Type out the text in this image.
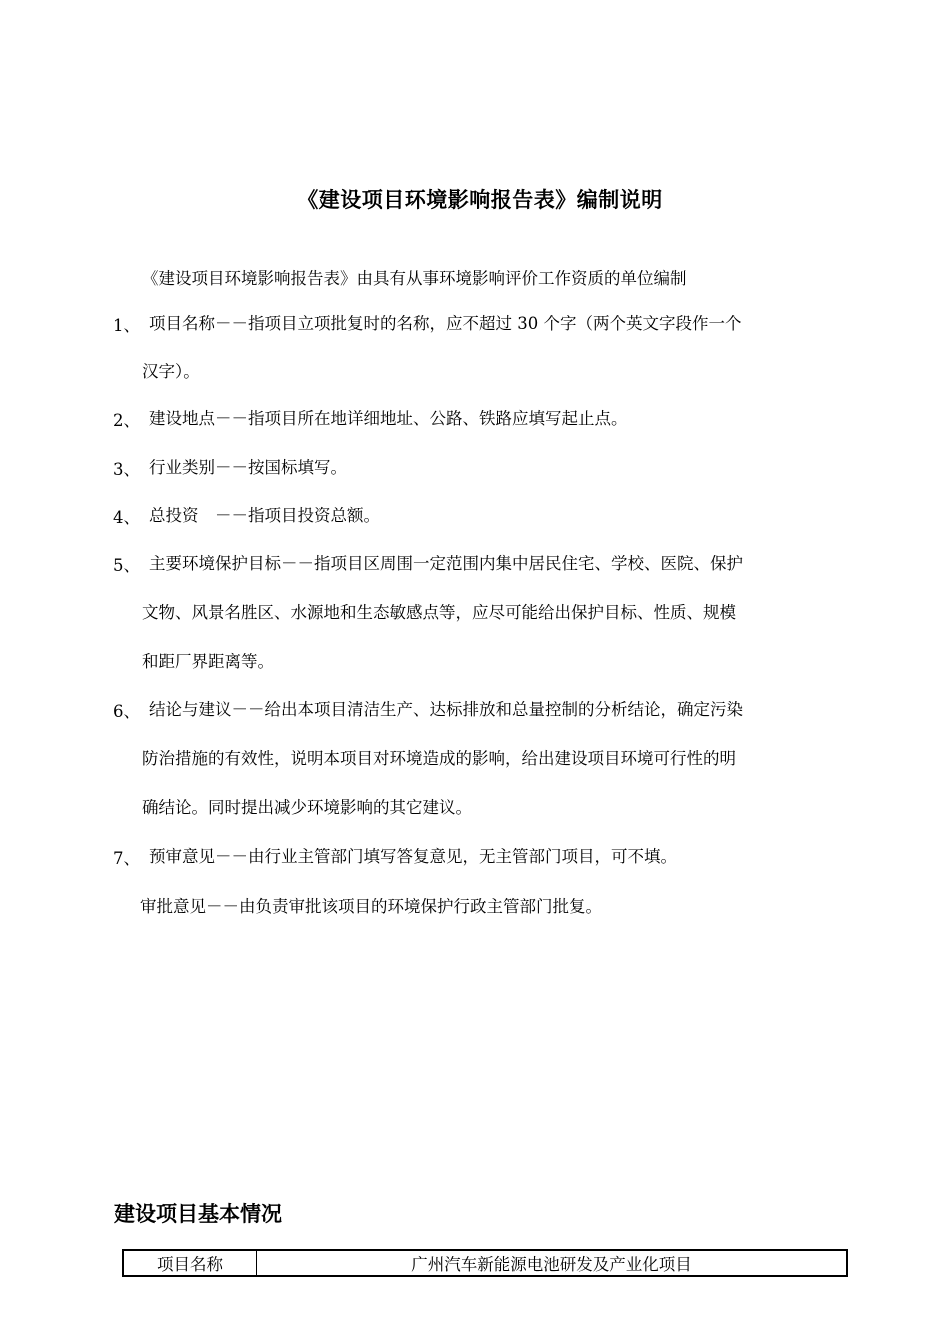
《建设项目环境影响报告表》编制说明
《建设项目环境影响报告表》由具有从事环境影响评价工作资质的单位编制
1、 项目名称－－指项目立项批复时的名称，应不超过 30 个字（两个英文字段作一个
汉字）。
2、 建设地点－－指项目所在地详细地址、公路、铁路应填写起止点。
3、 行业类别－－按国标填写。
4、 总投资　－－指项目投资总额。
5、 主要环境保护目标－－指项目区周围一定范围内集中居民住宅、学校、医院、保护
文物、风景名胜区、水源地和生态敏感点等，应尽可能给出保护目标、性质、规模
和距厂界距离等。
6、 结论与建议－－给出本项目清洁生产、达标排放和总量控制的分析结论，确定污染
防治措施的有效性，说明本项目对环境造成的影响，给出建设项目环境可行性的明
确结论。同时提出减少环境影响的其它建议。
7、 预审意见－－由行业主管部门填写答复意见，无主管部门项目，可不填。
审批意见－－由负责审批该项目的环境保护行政主管部门批复。
建设项目基本情况
项目名称	广州汽车新能源电池研发及产业化项目
